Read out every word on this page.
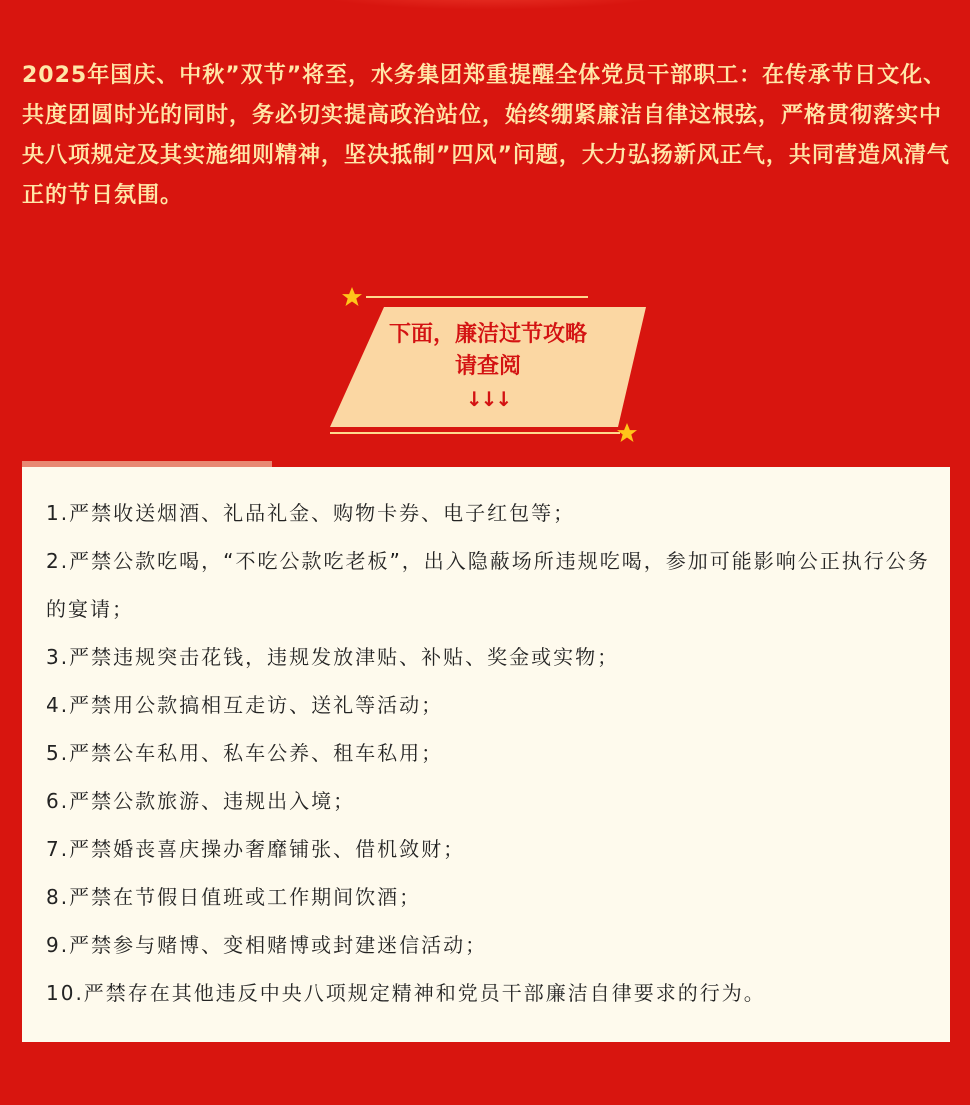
2025年国庆、中秋”双节”将至，水务集团郑重提醒全体党员干部职工：在传承节日文化、共度团圆时光的同时，务必切实提高政治站位，始终绷紧廉洁自律这根弦，严格贯彻落实中央八项规定及其实施细则精神，坚决抵制”四风”问题，大力弘扬新风正气，共同营造风清气正的节日氛围。

下面，廉洁过节攻略
请查阅
↓↓↓
1.严禁收送烟酒、礼品礼金、购物卡券、电子红包等；
2.严禁公款吃喝，“不吃公款吃老板”，出入隐蔽场所违规吃喝，参加可能影响公正执行公务的宴请；
3.严禁违规突击花钱，违规发放津贴、补贴、奖金或实物；
4.严禁用公款搞相互走访、送礼等活动；
5.严禁公车私用、私车公养、租车私用；
6.严禁公款旅游、违规出入境；
7.严禁婚丧喜庆操办奢靡铺张、借机敛财；
8.严禁在节假日值班或工作期间饮酒；
9.严禁参与赌博、变相赌博或封建迷信活动；
10.严禁存在其他违反中央八项规定精神和党员干部廉洁自律要求的行为。
